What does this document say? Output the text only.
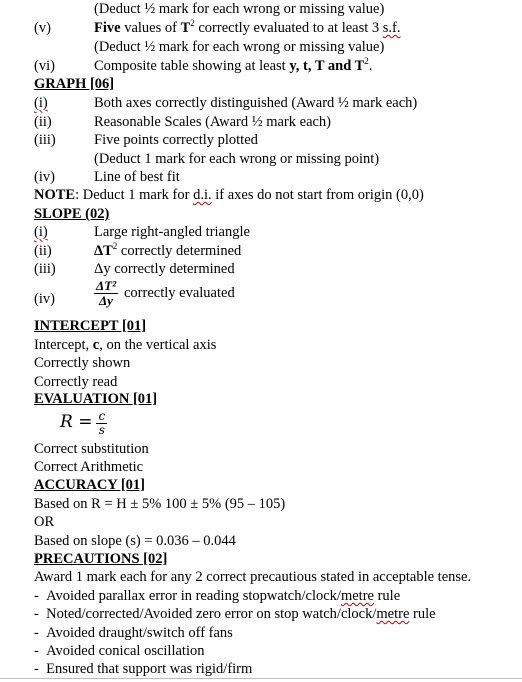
(Deduct ½ mark for each wrong or missing value)
(v)	Five values of $T^2$ correctly evaluated to at least 3 s.f.
(Deduct ½ mark for each wrong or missing value)
(vi)	Composite table showing at least y, t, T and $T^2$.
GRAPH [06]
(i)	Both axes correctly distinguished (Award ½ mark each)
(ii)	Reasonable Scales (Award ½ mark each)
(iii)	Five points correctly plotted
(Deduct 1 mark for each wrong or missing point)
(iv)	Line of best fit
NOTE: Deduct 1 mark for d.i. if axes do not start from origin (0,0)
SLOPE (02)
(i)	Large right-angled triangle
(ii)	$\Delta T^2$ correctly determined
(iii)	Δy correctly determined
(iv)	$\frac{\text{ΔT²}}{\Delta y}$ correctly evaluated
INTERCEPT [01]
Intercept, c, on the vertical axis
Correctly shown
Correctly read
EVALUATION [01]
$R = \frac{c}{s}$
Correct substitution
Correct Arithmetic
ACCURACY [01]
Based on R = H ± 5% 100 ± 5% (95 – 105)
OR
Based on slope (s) = 0.036 – 0.044
PRECAUTIONS [02]
Award 1 mark each for any 2 correct precautious stated in acceptable tense.
- Avoided parallax error in reading stopwatch/clock/metre rule
- Noted/corrected/Avoided zero error on stop watch/clock/metre rule
- Avoided draught/switch off fans
- Avoided conical oscillation
- Ensured that support was rigid/firm
